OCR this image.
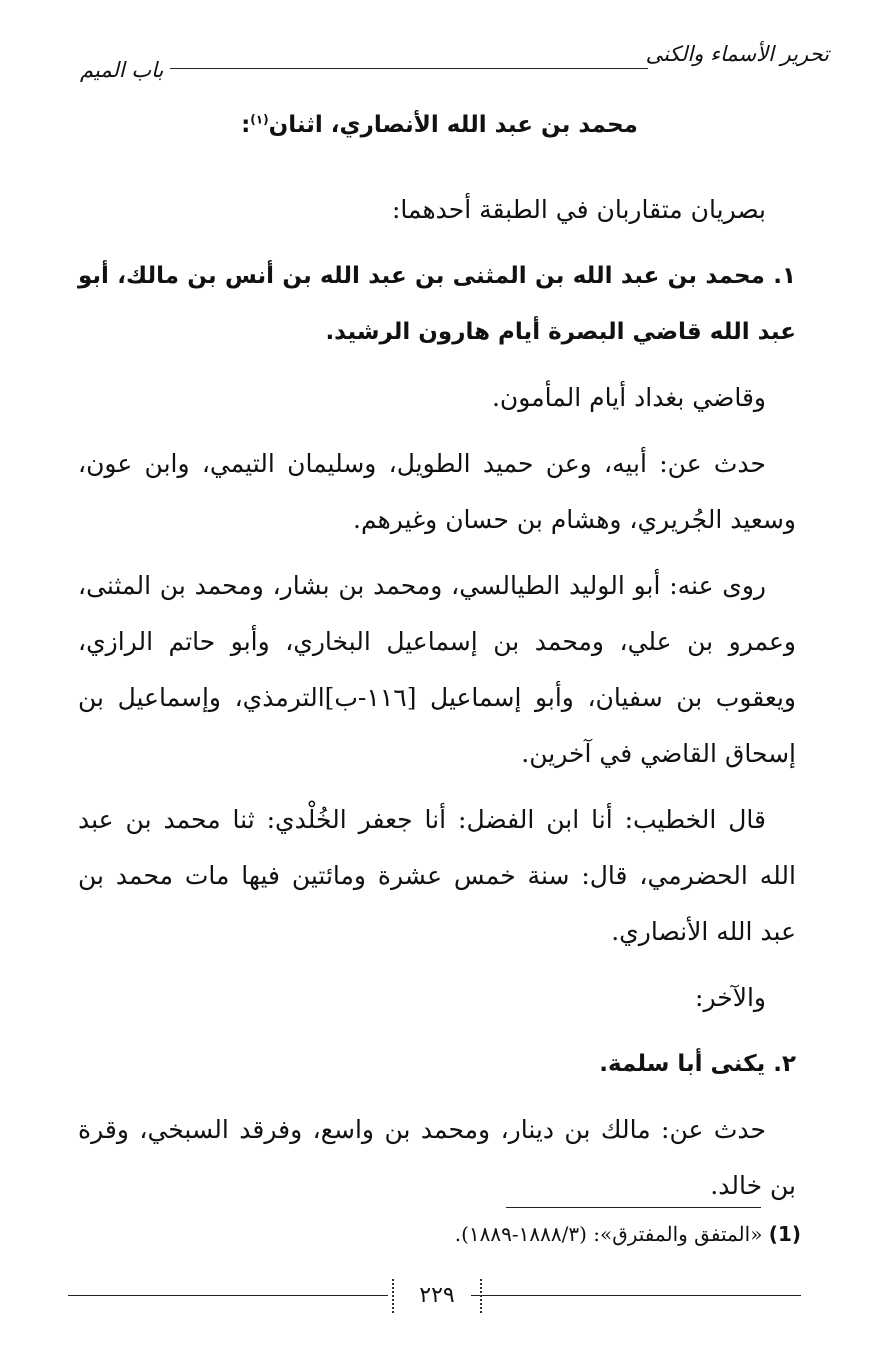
تحرير الأسماء والكنى
باب الميم
محمد بن عبد الله الأنصاري، اثنان$^{(١)}$:

بصريان متقاربان في الطبقة أحدهما:

١. محمد بن عبد الله بن المثنى بن عبد الله بن أنس بن مالك، أبو عبد الله قاضي البصرة أيام هارون الرشيد.

وقاضي بغداد أيام المأمون.

حدث عن: أبيه، وعن حميد الطويل، وسليمان التيمي، وابن عون، وسعيد الجُريري، وهشام بن حسان وغيرهم.

روى عنه: أبو الوليد الطيالسي، ومحمد بن بشار، ومحمد بن المثنى، وعمرو بن علي، ومحمد بن إسماعيل البخاري، وأبو حاتم الرازي، ويعقوب بن سفيان، وأبو إسماعيل [١١٦-ب]الترمذي، وإسماعيل بن إسحاق القاضي في آخرين.

قال الخطيب: أنا ابن الفضل: أنا جعفر الخُلْدي: ثنا محمد بن عبد الله الحضرمي، قال: سنة خمس عشرة ومائتين فيها مات محمد بن عبد الله الأنصاري.

والآخر:

٢. يكنى أبا سلمة.

حدث عن: مالك بن دينار، ومحمد بن واسع، وفرقد السبخي، وقرة بن خالد.

(1) «المتفق والمفترق»: (١٨٨٨/٣-١٨٨٩).
٢٢٩
